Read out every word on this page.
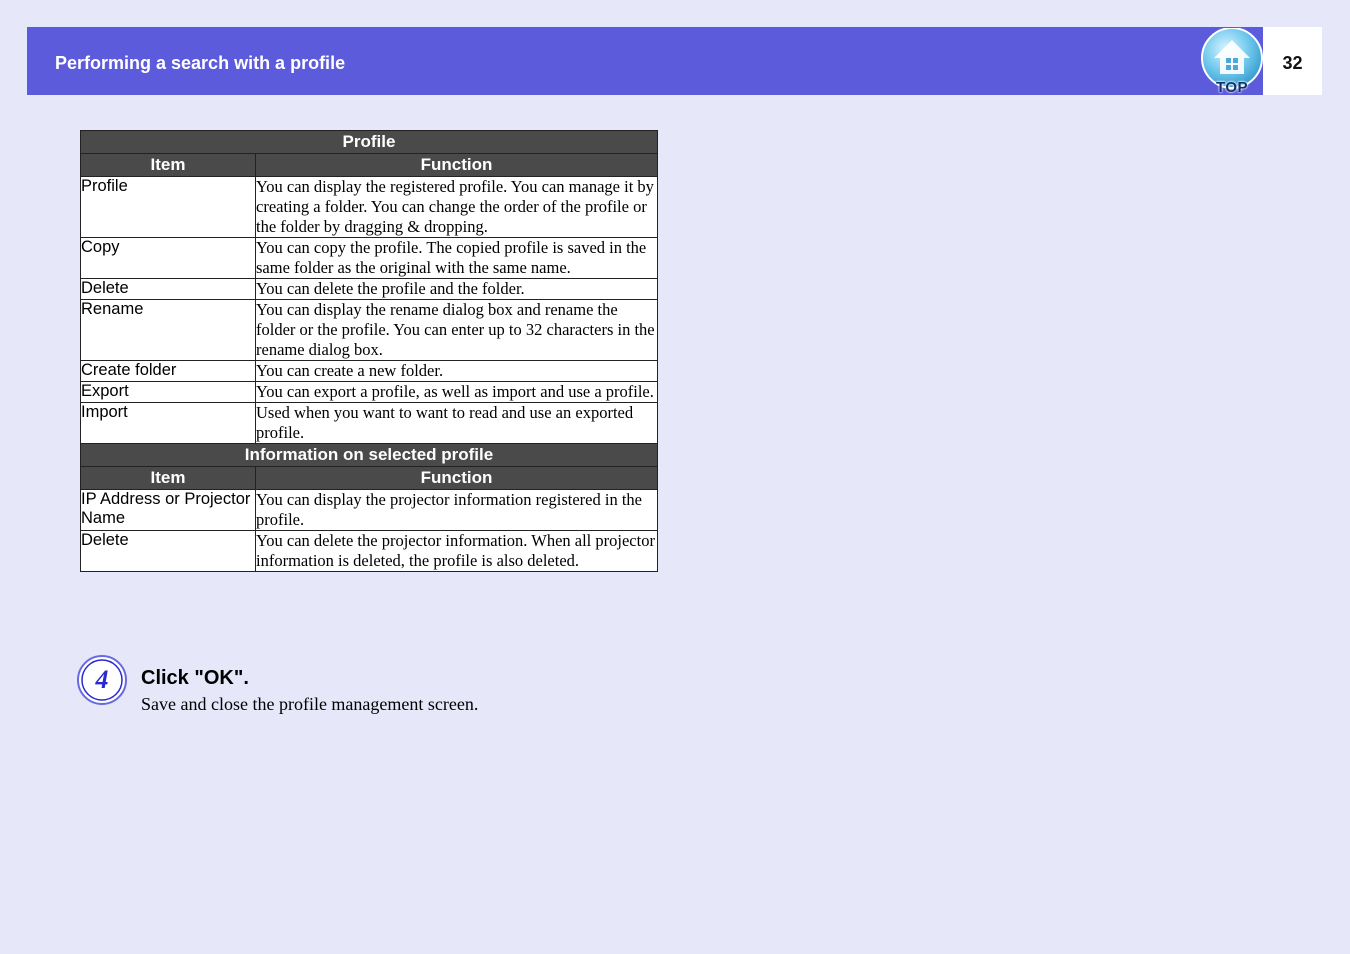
Performing a search with a profile
TOP
32
Profile	
Item	Function
Profile	You can display the registered profile. You can manage it by creating a folder. You can change the order of the profile or the folder by dragging & dropping.
Copy	You can copy the profile. The copied profile is saved in the same folder as the original with the same name.
Delete	You can delete the profile and the folder.
Rename	You can display the rename dialog box and rename the folder or the profile. You can enter up to 32 characters in the rename dialog box.
Create folder	You can create a new folder.
Export	You can export a profile, as well as import and use a profile.
Import	Used when you want to want to read and use an exported profile.
Information on selected profile	
Item	Function
IP Address or Projector Name	You can display the projector information registered in the profile.
Delete	You can delete the projector information. When all projector information is deleted, the profile is also deleted.
4	Click "OK".
Save and close the profile management screen.
